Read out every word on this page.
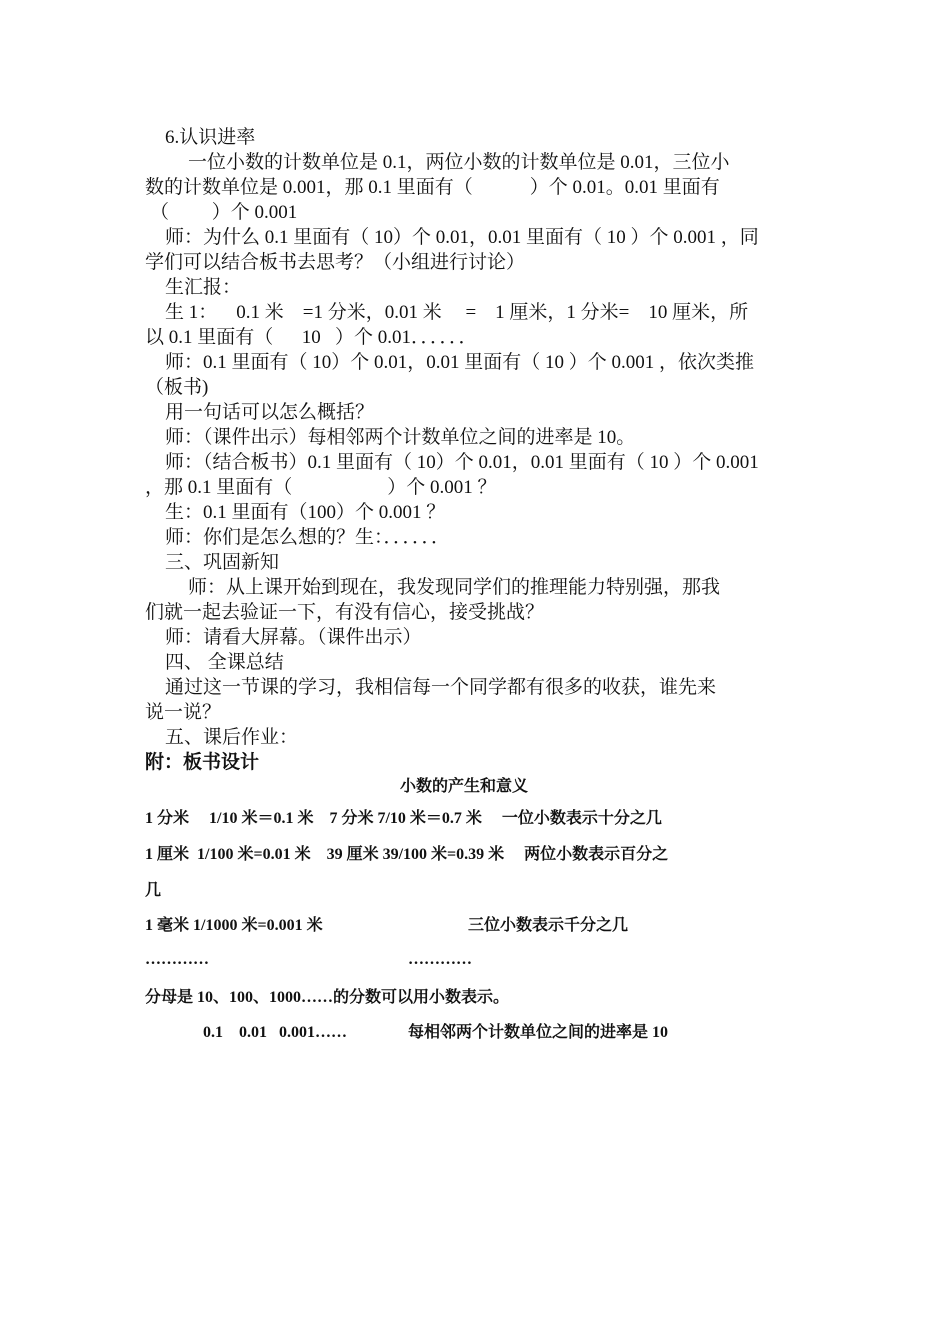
6.认识进率
一位小数的计数单位是 0.1，两位小数的计数单位是 0.01，三位小
数的计数单位是 0.001，那 0.1 里面有（            ）个 0.01。0.01 里面有
（         ）个 0.001
师：为什么 0.1 里面有（ 10）个 0.01，0.01 里面有（ 10 ）个 0.001 ，同
学们可以结合板书去思考？（小组进行讨论）
生汇报：
生 1：    0.1 米    =1 分米，0.01 米     =    1 厘米，1 分米=    10 厘米，所
以 0.1 里面有（      10   ）个 0.01．．．．．．
师：0.1 里面有（ 10）个 0.01，0.01 里面有（ 10 ）个 0.001 ，依次类推
（板书)
用一句话可以怎么概括？
师：（课件出示）每相邻两个计数单位之间的进率是 10。
师：（结合板书）0.1 里面有（ 10）个 0.01，0.01 里面有（ 10 ）个 0.001
，那 0.1 里面有（                    ）个 0.001 ？
生：0.1 里面有（100）个 0.001 ？
师：你们是怎么想的？生：．．．．．．
三、巩固新知
师：从上课开始到现在，我发现同学们的推理能力特别强，那我
们就一起去验证一下，有没有信心，接受挑战？
师：请看大屏幕。（课件出示）
四、 全课总结
通过这一节课的学习，我相信每一个同学都有很多的收获，谁先来
说一说？
五、课后作业：
附：板书设计
小数的产生和意义
1 分米     1/10 米＝0.1 米    7 分米 7/10 米＝0.7 米     一位小数表示十分之几
1 厘米  1/100 米=0.01 米    39 厘米 39/100 米=0.39 米     两位小数表示百分之
几
1 毫米 1/1000 米=0.001 米	三位小数表示千分之几
…………	…………
分母是 10、100、1000……的分数可以用小数表示。
0.1    0.01   0.001……	每相邻两个计数单位之间的进率是 10
